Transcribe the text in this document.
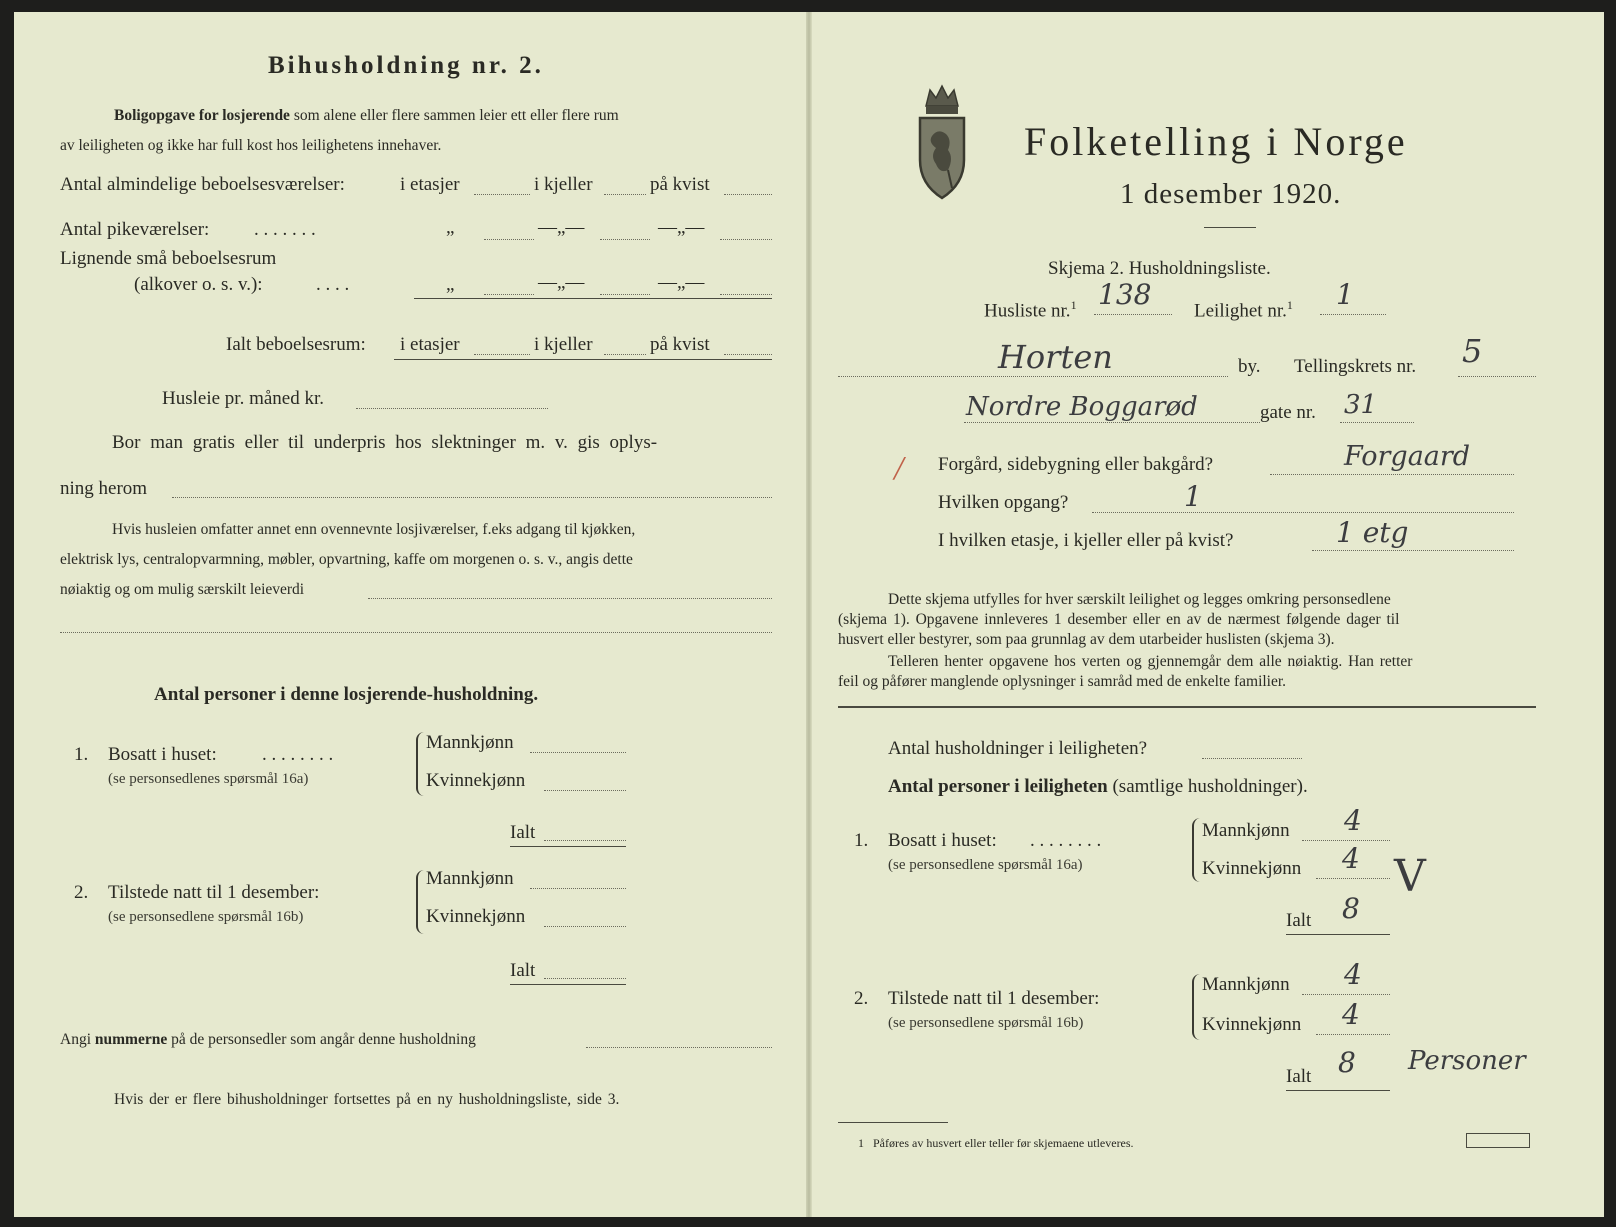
Bihusholdning nr. 2.
Boligopgave for losjerende som alene eller flere sammen leier ett eller flere rum
av leiligheten og ikke har full kost hos leilighetens innehaver.
Antal almindelige beboelsesværelser:	i etasjer	i kjeller	på kvist
Antal pikeværelser: . . . . . . .	„	—„—	—„—
Lignende små beboelsesrum
(alkover o. s. v.):	. . . .	„	—„—	—„—
Ialt beboelsesrum: i etasjer	i kjeller	på kvist
Husleie pr. måned kr.
Bor man gratis eller til underpris hos slektninger m. v. gis oplys-
ning herom
Hvis husleien omfatter annet enn ovennevnte losjiværelser, f.eks adgang til kjøkken,
elektrisk lys, centralopvarmning, møbler, opvartning, kaffe om morgenen o. s. v., angis dette
nøiaktig og om mulig særskilt leieverdi
Antal personer i denne losjerende-husholdning.
1. Bosatt i huset: . . . . . . . .
(se personsedlenes spørsmål 16a)
Mannkjønn
Kvinnekjønn
Ialt
2. Tilstede natt til 1 desember:
(se personsedlene spørsmål 16b)
Mannkjønn
Kvinnekjønn
Ialt
Angi nummerne på de personsedler som angår denne husholdning
Hvis der er flere bihusholdninger fortsettes på en ny husholdningsliste, side 3.
Folketelling i Norge
1 desember 1920.
Skjema 2. Husholdningsliste.
Husliste nr.$^1$ 138 Leilighet nr.$^1$ 1
Horten	by. Tellingskrets nr. 5
Nordre Boggarød	gate nr. 31
Forgård, sidebygning eller bakgård?	Forgaard
/
Hvilken opgang?	1
I hvilken etasje, i kjeller eller på kvist?	1 etg
Dette skjema utfylles for hver særskilt leilighet og legges omkring personsedlene
(skjema 1). Opgavene innleveres 1 desember eller en av de nærmest følgende dager til
husvert eller bestyrer, som paa grunnlag av dem utarbeider huslisten (skjema 3).
Telleren henter opgavene hos verten og gjennemgår dem alle nøiaktig. Han retter
feil og påfører manglende oplysninger i samråd med de enkelte familier.
Antal husholdninger i leiligheten?
Antal personer i leiligheten (samtlige husholdninger).
1. Bosatt i huset: . . . . . . . .
(se personsedlene spørsmål 16a)
Mannkjønn 4
Kvinnekjønn 4 V
Ialt 8
2. Tilstede natt til 1 desember:
(se personsedlene spørsmål 16b)
Mannkjønn 4
Kvinnekjønn 4
Ialt 8 Personer
1 Påføres av husvert eller teller før skjemaene utleveres.
